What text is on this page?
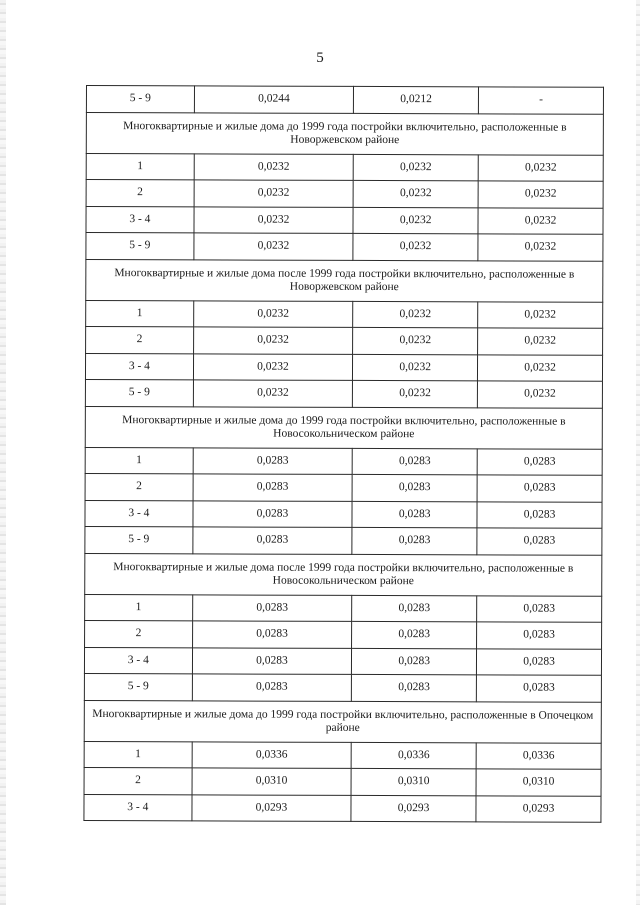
5
5 - 9	0,0244	0,0212	-
Многоквартирные и жилые дома до 1999 года постройки включительно, расположенные в Новоржевском районе			
1	0,0232	0,0232	0,0232
2	0,0232	0,0232	0,0232
3 - 4	0,0232	0,0232	0,0232
5 - 9	0,0232	0,0232	0,0232
Многоквартирные и жилые дома после 1999 года постройки включительно, расположенные в Новоржевском районе			
1	0,0232	0,0232	0,0232
2	0,0232	0,0232	0,0232
3 - 4	0,0232	0,0232	0,0232
5 - 9	0,0232	0,0232	0,0232
Многоквартирные и жилые дома до 1999 года постройки включительно, расположенные в Новосокольническом районе			
1	0,0283	0,0283	0,0283
2	0,0283	0,0283	0,0283
3 - 4	0,0283	0,0283	0,0283
5 - 9	0,0283	0,0283	0,0283
Многоквартирные и жилые дома после 1999 года постройки включительно, расположенные в Новосокольническом районе			
1	0,0283	0,0283	0,0283
2	0,0283	0,0283	0,0283
3 - 4	0,0283	0,0283	0,0283
5 - 9	0,0283	0,0283	0,0283
Многоквартирные и жилые дома до 1999 года постройки включительно, расположенные в Опочецком районе			
1	0,0336	0,0336	0,0336
2	0,0310	0,0310	0,0310
3 - 4	0,0293	0,0293	0,0293
